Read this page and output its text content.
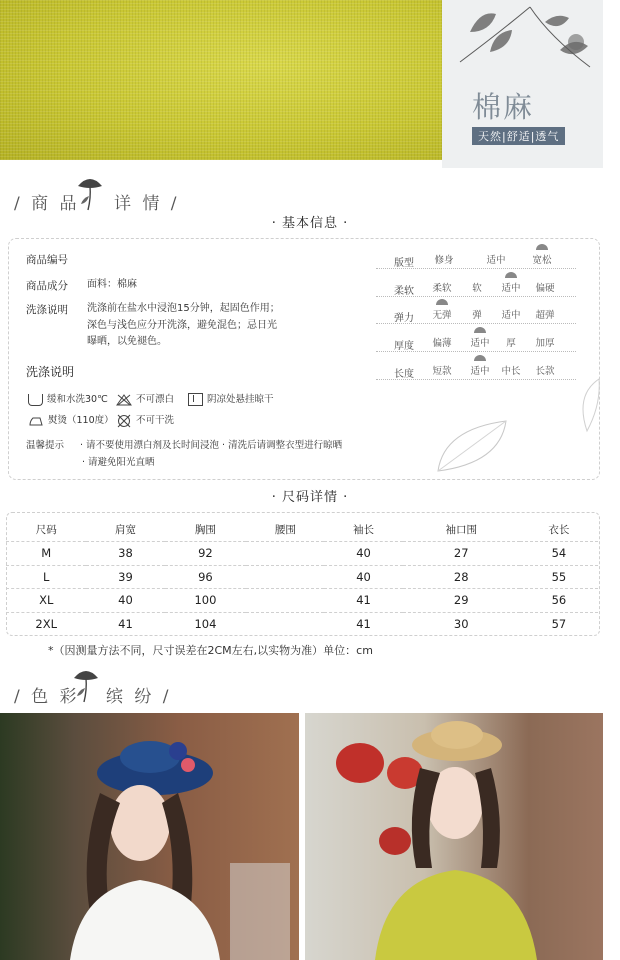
棉麻
天然|舒适|透气
/ 商 品 详 情 /
· 基本信息 ·
商品编号
商品成分 面料：棉麻
洗涤说明 洗涤前在盐水中浸泡15分钟，起固色作用；
深色与浅色应分开洗涤，避免混色；忌日光
曝晒，以免褪色。
洗涤说明
缓和水洗30℃	不可漂白	阴凉处悬挂晾干
熨烫（110度）	不可干洗
温馨提示 · 请不要使用漂白剂及长时间浸泡 · 清洗后请调整衣型进行晾晒
· 请避免阳光直晒
版型	修身	适中	宽松
柔软	柔软	软	适中	偏硬
弹力	无弹	弹	适中	超弹
厚度	偏薄	适中	厚	加厚
长度	短款	适中	中长	长款
· 尺码详情 ·
尺码	肩宽	胸围	腰围	袖长	袖口围	衣长
M	38	92		40	27	54
L	39	96		40	28	55
XL	40	100		41	29	56
2XL	41	104		41	30	57
*（因测量方法不同，尺寸误差在2CM左右,以实物为准）单位：cm
/ 色 彩 缤 纷 /
